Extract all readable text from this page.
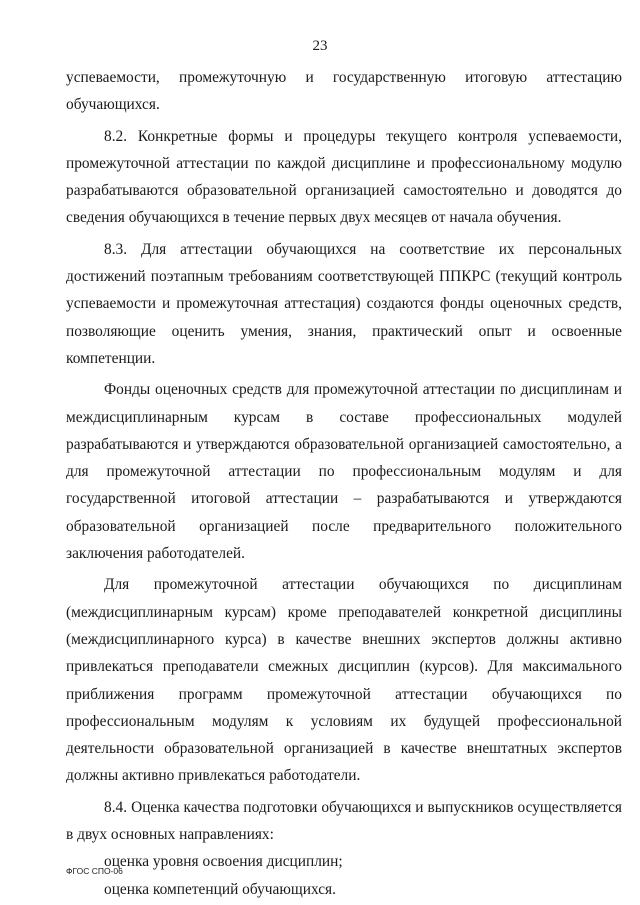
23

успеваемости, промежуточную и государственную итоговую аттестацию обучающихся.

8.2. Конкретные формы и процедуры текущего контроля успеваемости, промежуточной аттестации по каждой дисциплине и профессиональному модулю разрабатываются образовательной организацией самостоятельно и доводятся до сведения обучающихся в течение первых двух месяцев от начала обучения.

8.3. Для аттестации обучающихся на соответствие их персональных достижений поэтапным требованиям соответствующей ППКРС (текущий контроль успеваемости и промежуточная аттестация) создаются фонды оценочных средств, позволяющие оценить умения, знания, практический опыт и освоенные компетенции.

Фонды оценочных средств для промежуточной аттестации по дисциплинам и междисциплинарным курсам в составе профессиональных модулей разрабатываются и утверждаются образовательной организацией самостоятельно, а для промежуточной аттестации по профессиональным модулям и для государственной итоговой аттестации – разрабатываются и утверждаются образовательной организацией после предварительного положительного заключения работодателей.

Для промежуточной аттестации обучающихся по дисциплинам (междисциплинарным курсам) кроме преподавателей конкретной дисциплины (междисциплинарного курса) в качестве внешних экспертов должны активно привлекаться преподаватели смежных дисциплин (курсов). Для максимального приближения программ промежуточной аттестации обучающихся по профессиональным модулям к условиям их будущей профессиональной деятельности образовательной организацией в качестве внештатных экспертов должны активно привлекаться работодатели.

8.4. Оценка качества подготовки обучающихся и выпускников осуществляется в двух основных направлениях:

оценка уровня освоения дисциплин;

оценка компетенций обучающихся.

ФГОС СПО-06
